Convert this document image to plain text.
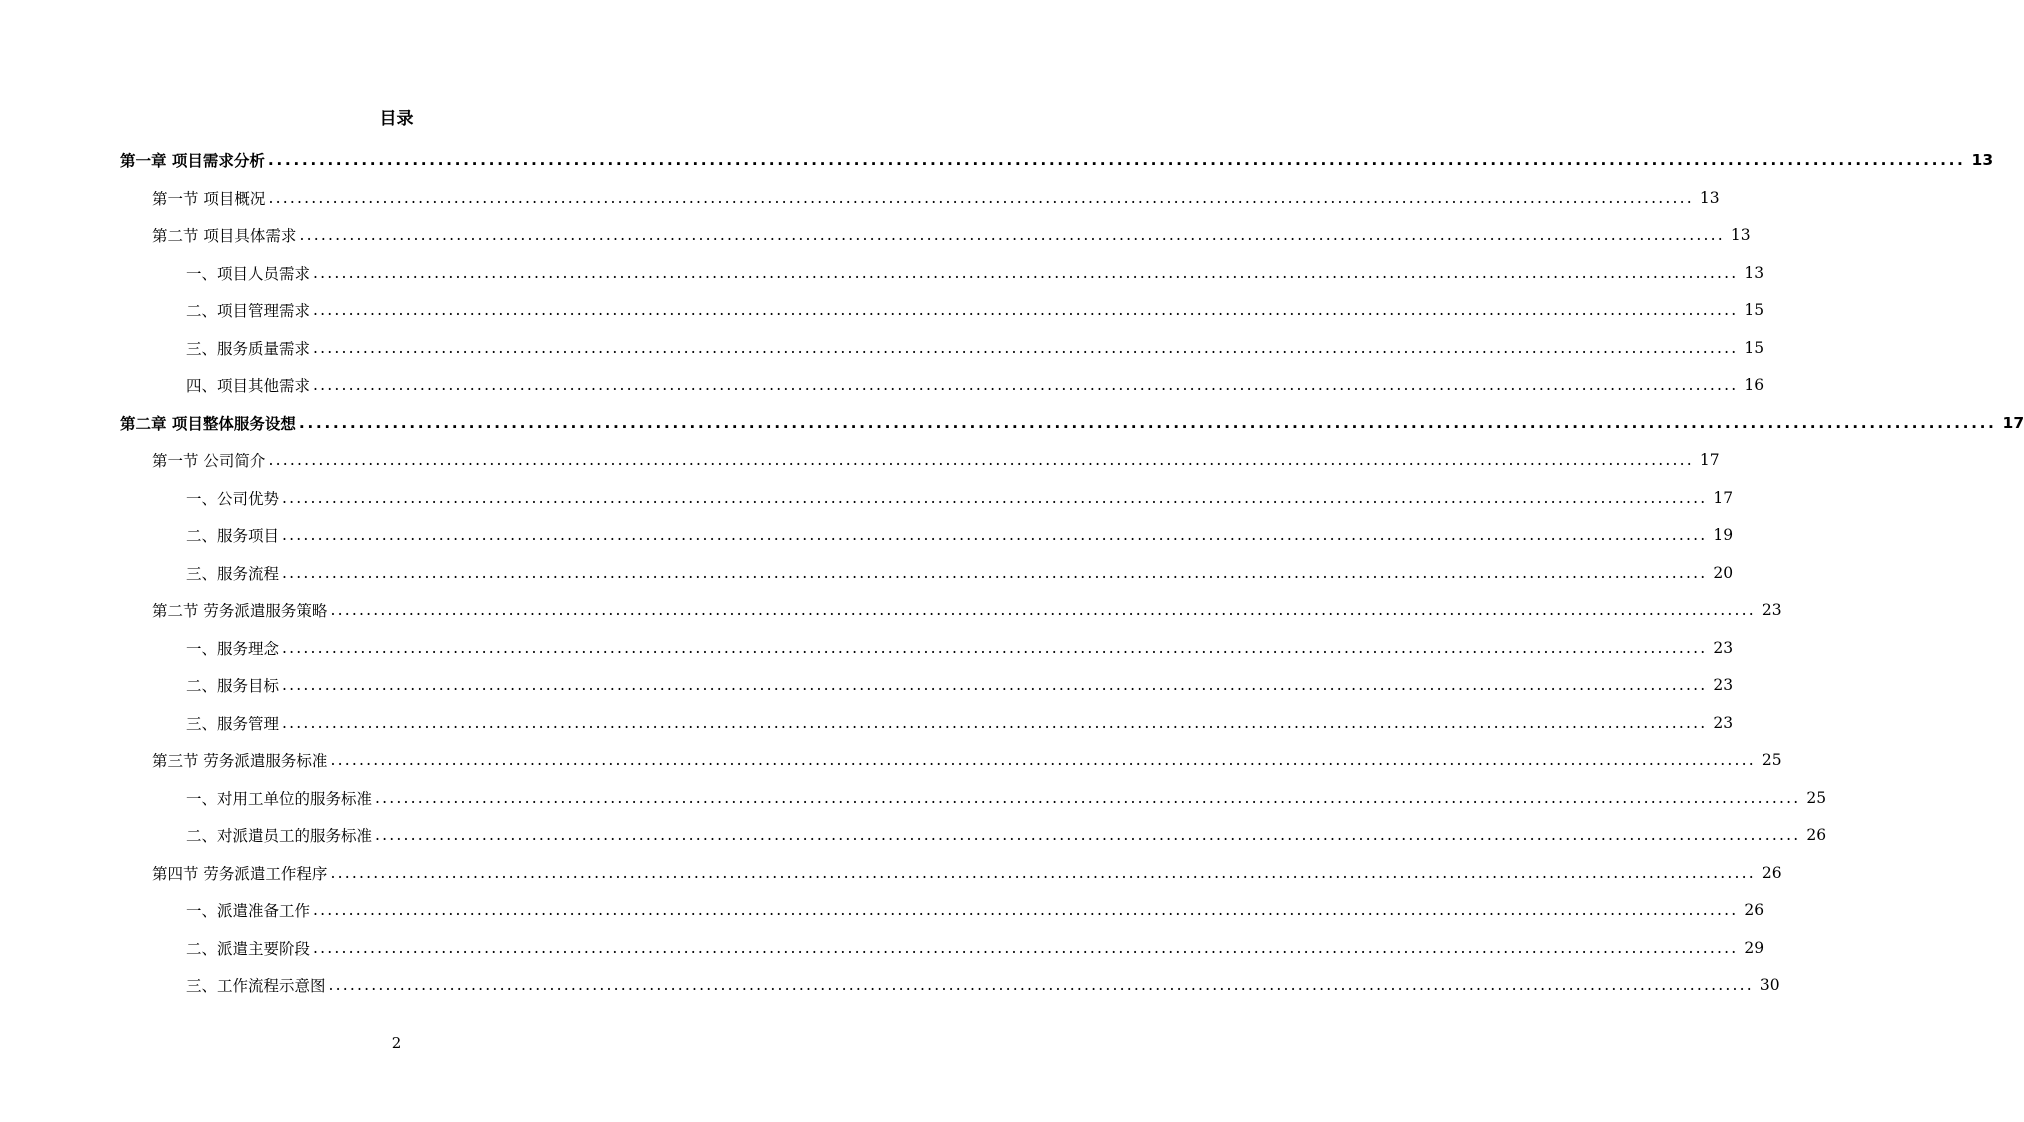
目录
第一章 项目需求分析 ........................................................................................................................................................................................................ 13
第一节 项目概况 ........................................................................................................................................................................................................ 13
第二节 项目具体需求 ........................................................................................................................................................................................................ 13
一、项目人员需求 ........................................................................................................................................................................................................ 13
二、项目管理需求 ........................................................................................................................................................................................................ 15
三、服务质量需求 ........................................................................................................................................................................................................ 15
四、项目其他需求 ........................................................................................................................................................................................................ 16
第二章 项目整体服务设想 ........................................................................................................................................................................................................ 17
第一节 公司简介 ........................................................................................................................................................................................................ 17
一、公司优势 ........................................................................................................................................................................................................ 17
二、服务项目 ........................................................................................................................................................................................................ 19
三、服务流程 ........................................................................................................................................................................................................ 20
第二节 劳务派遣服务策略 ........................................................................................................................................................................................................ 23
一、服务理念 ........................................................................................................................................................................................................ 23
二、服务目标 ........................................................................................................................................................................................................ 23
三、服务管理 ........................................................................................................................................................................................................ 23
第三节 劳务派遣服务标准 ........................................................................................................................................................................................................ 25
一、对用工单位的服务标准 ........................................................................................................................................................................................................ 25
二、对派遣员工的服务标准 ........................................................................................................................................................................................................ 26
第四节 劳务派遣工作程序 ........................................................................................................................................................................................................ 26
一、派遣准备工作 ........................................................................................................................................................................................................ 26
二、派遣主要阶段 ........................................................................................................................................................................................................ 29
三、工作流程示意图 ........................................................................................................................................................................................................ 30
2
